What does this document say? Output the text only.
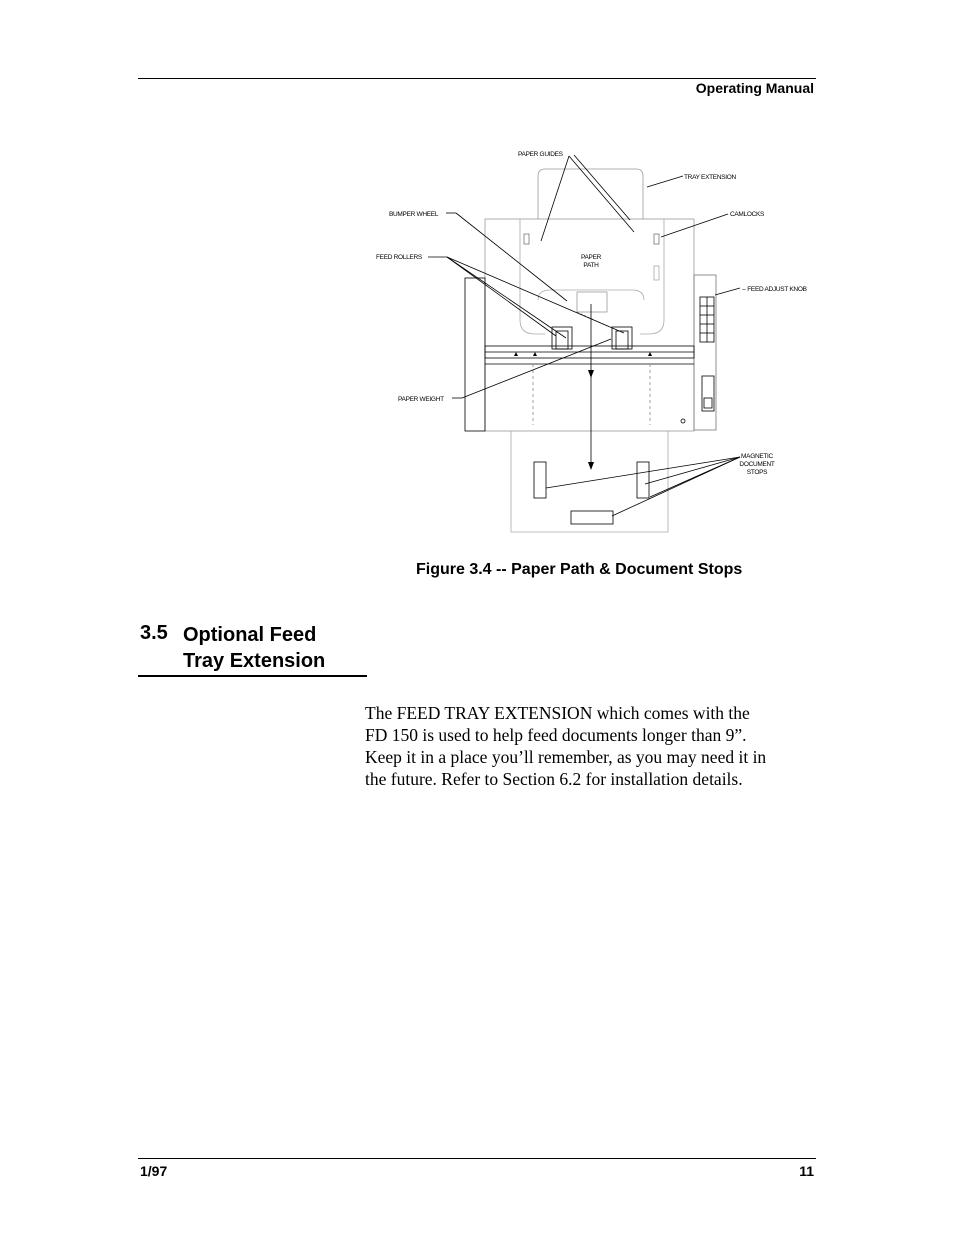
Operating Manual
PAPER GUIDES
TRAY EXTENSION
BUMPER WHEEL	CAMLOCKS
FEED ROLLERS	PAPER
PATH
-- FEED ADJUST KNOB
PAPER WEIGHT
MAGNETIC
DOCUMENT
STOPS
Figure 3.4 -- Paper Path & Document Stops
3.5 Optional Feed
Tray Extension
The FEED TRAY EXTENSION which comes with the
FD 150 is used to help feed documents longer than 9”.
Keep it in a place you’ll remember, as you may need it in
the future. Refer to Section 6.2 for installation details.
1/97	11
